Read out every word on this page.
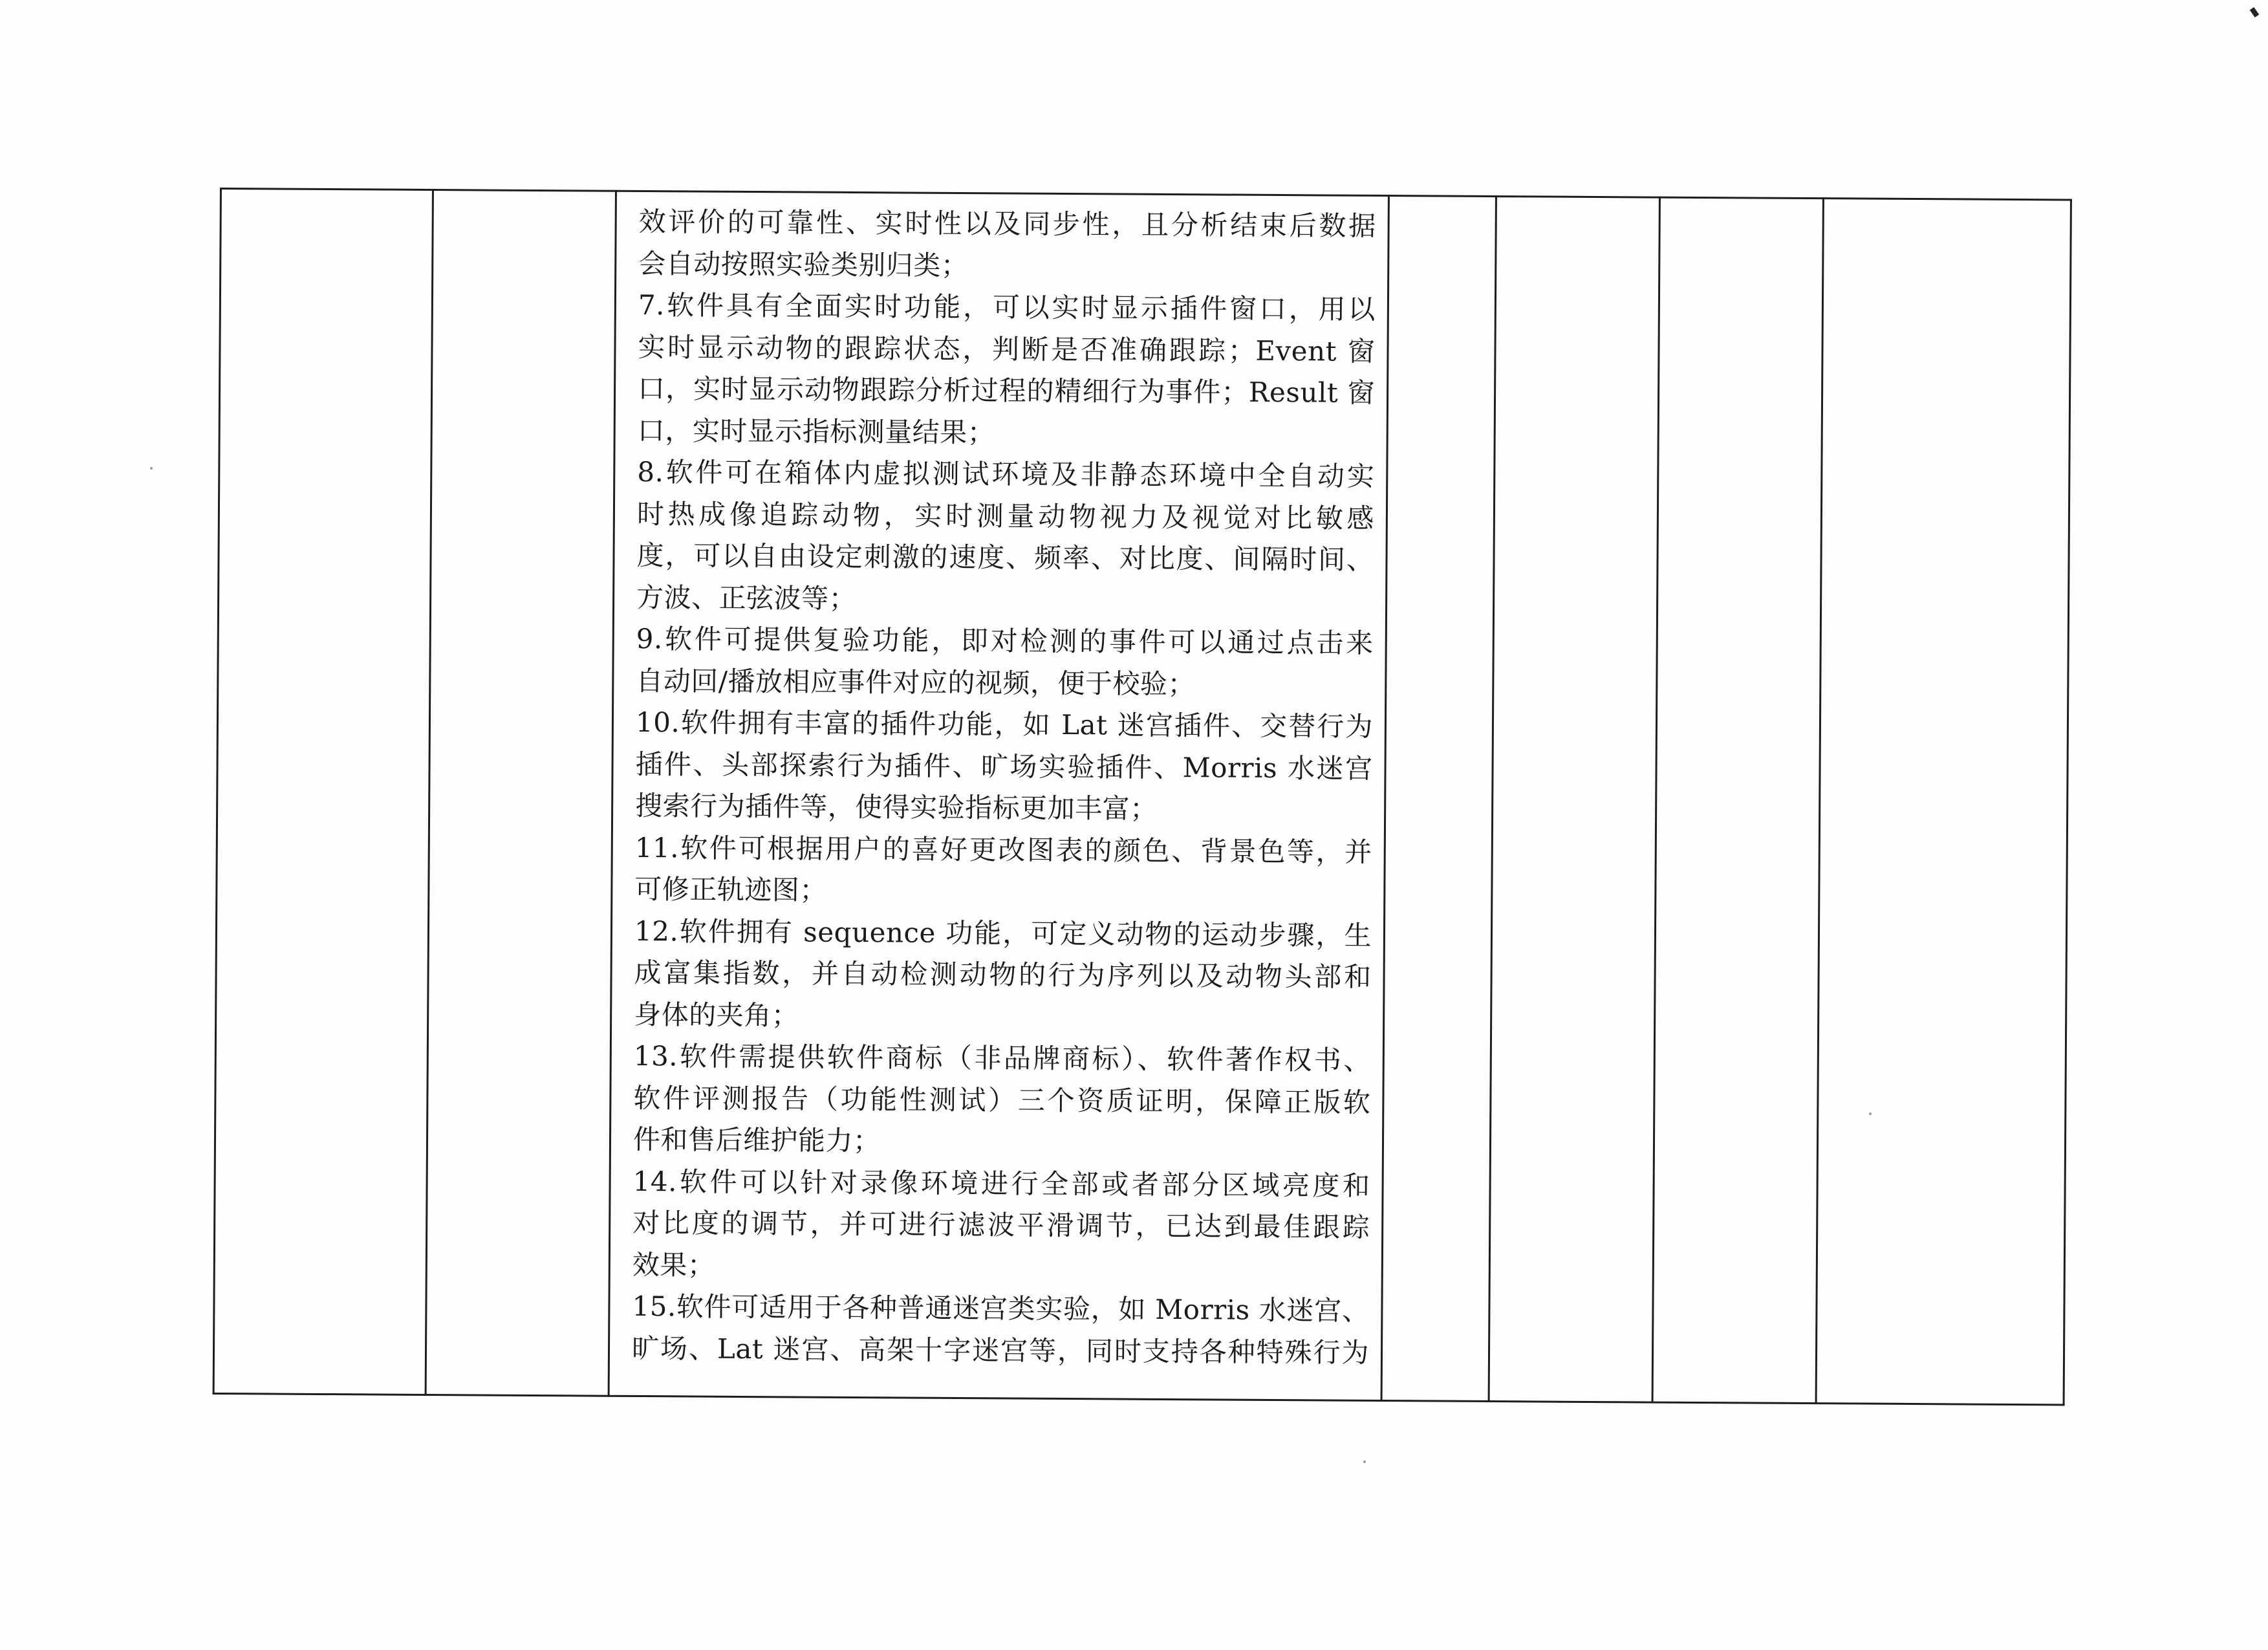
效评价的可靠性、实时性以及同步性，且分析结束后数据
会自动按照实验类别归类；
7.软件具有全面实时功能，可以实时显示插件窗口，用以
实时显示动物的跟踪状态，判断是否准确跟踪；Event 窗
口，实时显示动物跟踪分析过程的精细行为事件；Result 窗
口，实时显示指标测量结果；
8.软件可在箱体内虚拟测试环境及非静态环境中全自动实
时热成像追踪动物，实时测量动物视力及视觉对比敏感
度，可以自由设定刺激的速度、频率、对比度、间隔时间、
方波、正弦波等；
9.软件可提供复验功能，即对检测的事件可以通过点击来
自动回/播放相应事件对应的视频，便于校验；
10.软件拥有丰富的插件功能，如 Lat 迷宫插件、交替行为
插件、头部探索行为插件、旷场实验插件、Morris 水迷宫
搜索行为插件等，使得实验指标更加丰富；
11.软件可根据用户的喜好更改图表的颜色、背景色等，并
可修正轨迹图；
12.软件拥有 sequence 功能，可定义动物的运动步骤，生
成富集指数，并自动检测动物的行为序列以及动物头部和
身体的夹角；
13.软件需提供软件商标（非品牌商标）、软件著作权书、
软件评测报告（功能性测试）三个资质证明，保障正版软
件和售后维护能力；
14.软件可以针对录像环境进行全部或者部分区域亮度和
对比度的调节，并可进行滤波平滑调节，已达到最佳跟踪
效果；
15.软件可适用于各种普通迷宫类实验，如 Morris 水迷宫、
旷场、Lat 迷宫、高架十字迷宫等，同时支持各种特殊行为
